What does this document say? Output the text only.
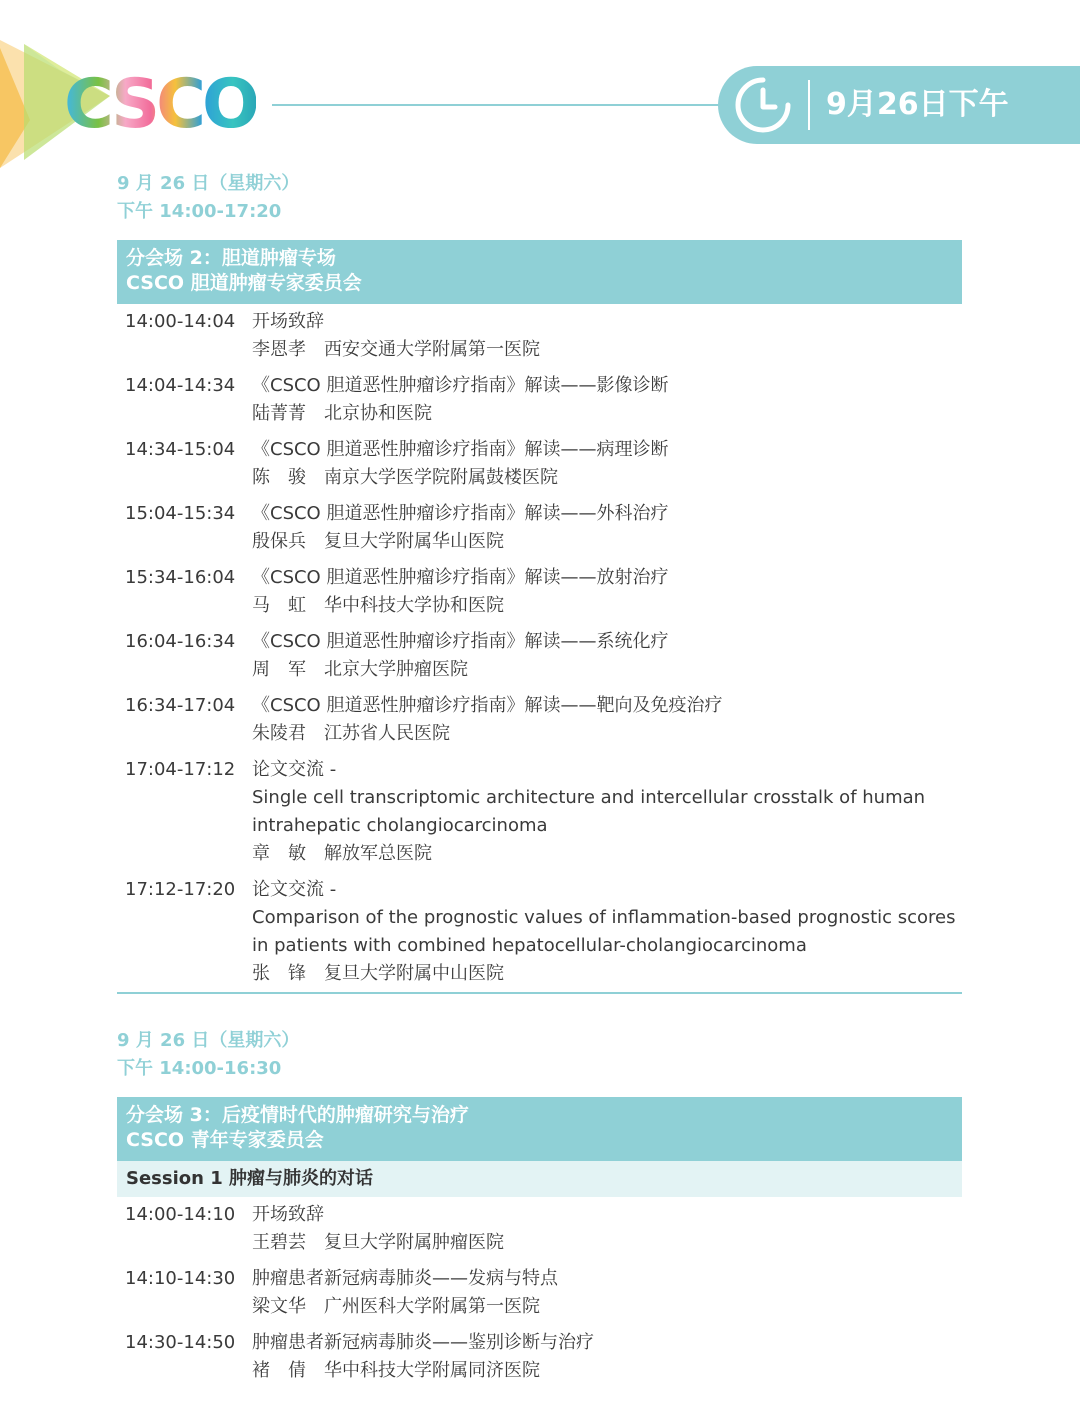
CSCO	9月26日下午
9 月 26 日（星期六）
下午 14:00-17:20
分会场 2：胆道肿瘤专场
CSCO 胆道肿瘤专家委员会
14:00-14:04 开场致辞
李恩孝 西安交通大学附属第一医院
14:04-14:34 《CSCO 胆道恶性肿瘤诊疗指南》解读——影像诊断
陆菁菁 北京协和医院
14:34-15:04 《CSCO 胆道恶性肿瘤诊疗指南》解读——病理诊断
陈　骏 南京大学医学院附属鼓楼医院
15:04-15:34 《CSCO 胆道恶性肿瘤诊疗指南》解读——外科治疗
殷保兵 复旦大学附属华山医院
15:34-16:04 《CSCO 胆道恶性肿瘤诊疗指南》解读——放射治疗
马　虹 华中科技大学协和医院
16:04-16:34 《CSCO 胆道恶性肿瘤诊疗指南》解读——系统化疗
周　军 北京大学肿瘤医院
16:34-17:04 《CSCO 胆道恶性肿瘤诊疗指南》解读——靶向及免疫治疗
朱陵君 江苏省人民医院
17:04-17:12 论文交流 -
Single cell transcriptomic architecture and intercellular crosstalk of human intrahepatic cholangiocarcinoma
章　敏 解放军总医院
17:12-17:20 论文交流 -
Comparison of the prognostic values of inflammation-based prognostic scores in patients with combined hepatocellular-cholangiocarcinoma
张　锋 复旦大学附属中山医院
9 月 26 日（星期六）
下午 14:00-16:30
分会场 3：后疫情时代的肿瘤研究与治疗
CSCO 青年专家委员会
Session 1 肿瘤与肺炎的对话
14:00-14:10 开场致辞
王碧芸 复旦大学附属肿瘤医院
14:10-14:30 肿瘤患者新冠病毒肺炎——发病与特点
梁文华 广州医科大学附属第一医院
14:30-14:50 肿瘤患者新冠病毒肺炎——鉴别诊断与治疗
褚　倩 华中科技大学附属同济医院
